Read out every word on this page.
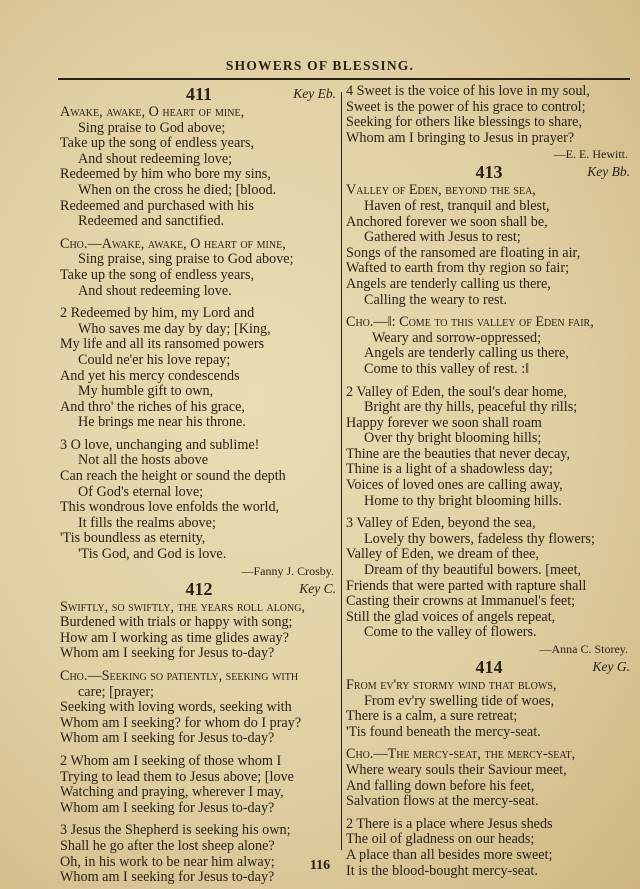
SHOWERS OF BLESSING.
411	Key Eb.
Awake, awake, O heart of mine,
Sing praise to God above;
Take up the song of endless years,
And shout redeeming love;
Redeemed by him who bore my sins,
When on the cross he died; [blood.
Redeemed and purchased with his
Redeemed and sanctified.
Cho.—Awake, awake, O heart of mine,
Sing praise, sing praise to God above;
Take up the song of endless years,
And shout redeeming love.
2 Redeemed by him, my Lord and
Who saves me day by day; [King,
My life and all its ransomed powers
Could ne'er his love repay;
And yet his mercy condescends
My humble gift to own,
And thro' the riches of his grace,
He brings me near his throne.
3 O love, unchanging and sublime!
Not all the hosts above
Can reach the height or sound the depth
Of God's eternal love;
This wondrous love enfolds the world,
It fills the realms above;
'Tis boundless as eternity,
'Tis God, and God is love.
—Fanny J. Crosby.
412	Key C.
Swiftly, so swiftly, the years roll along,
Burdened with trials or happy with song;
How am I working as time glides away?
Whom am I seeking for Jesus to-day?
Cho.—Seeking so patiently, seeking with
care; [prayer;
Seeking with loving words, seeking with
Whom am I seeking? for whom do I pray?
Whom am I seeking for Jesus to-day?
2 Whom am I seeking of those whom I
Trying to lead them to Jesus above; [love
Watching and praying, wherever I may,
Whom am I seeking for Jesus to-day?
3 Jesus the Shepherd is seeking his own;
Shall he go after the lost sheep alone?
Oh, in his work to be near him alway;
Whom am I seeking for Jesus to-day?
4 Sweet is the voice of his love in my soul,
Sweet is the power of his grace to control;
Seeking for others like blessings to share,
Whom am I bringing to Jesus in prayer?
—E. E. Hewitt.
413	Key Bb.
Valley of Eden, beyond the sea,
Haven of rest, tranquil and blest,
Anchored forever we soon shall be,
Gathered with Jesus to rest;
Songs of the ransomed are floating in air,
Wafted to earth from thy region so fair;
Angels are tenderly calling us there,
Calling the weary to rest.
Cho.—‖: Come to this valley of Eden fair,
Weary and sorrow-oppressed;
Angels are tenderly calling us there,
Come to this valley of rest. :‖
2 Valley of Eden, the soul's dear home,
Bright are thy hills, peaceful thy rills;
Happy forever we soon shall roam
Over thy bright blooming hills;
Thine are the beauties that never decay,
Thine is a light of a shadowless day;
Voices of loved ones are calling away,
Home to thy bright blooming hills.
3 Valley of Eden, beyond the sea,
Lovely thy bowers, fadeless thy flowers;
Valley of Eden, we dream of thee,
Dream of thy beautiful bowers. [meet,
Friends that were parted with rapture shall
Casting their crowns at Immanuel's feet;
Still the glad voices of angels repeat,
Come to the valley of flowers.
—Anna C. Storey.
414	Key G.
From ev'ry stormy wind that blows,
From ev'ry swelling tide of woes,
There is a calm, a sure retreat;
'Tis found beneath the mercy-seat.
Cho.—The mercy-seat, the mercy-seat,
Where weary souls their Saviour meet,
And falling down before his feet,
Salvation flows at the mercy-seat.
2 There is a place where Jesus sheds
The oil of gladness on our heads;
A place than all besides more sweet;
It is the blood-bought mercy-seat.
116
